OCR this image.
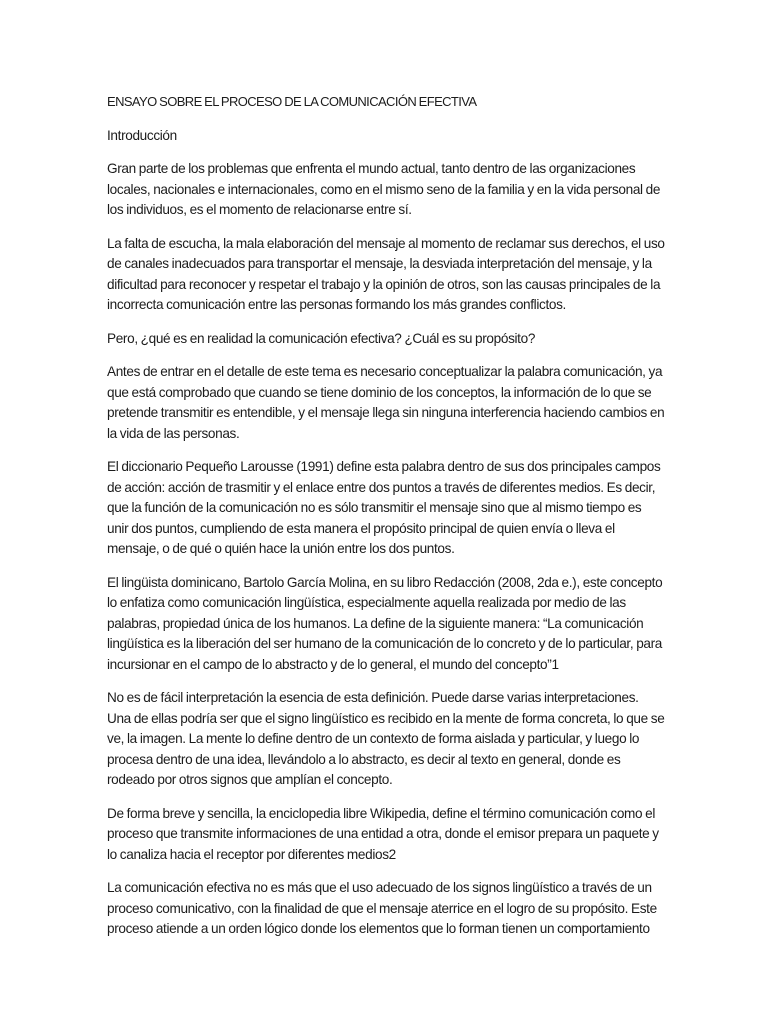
ENSAYO SOBRE EL PROCESO DE LA COMUNICACIÓN EFECTIVA
Introducción
Gran parte de los problemas que enfrenta el mundo actual, tanto dentro de las organizaciones locales, nacionales e internacionales, como en el mismo seno de la familia y en la vida personal de los individuos, es el momento de relacionarse entre sí.
La falta de escucha, la mala elaboración del mensaje al momento de reclamar sus derechos, el uso de canales inadecuados para transportar el mensaje, la desviada interpretación del mensaje, y la dificultad para reconocer y respetar el trabajo y la opinión de otros, son las causas principales de la incorrecta comunicación entre las personas formando los más grandes conflictos.
Pero, ¿qué es en realidad la comunicación efectiva? ¿Cuál es su propósito?
Antes de entrar en el detalle de este tema es necesario conceptualizar la palabra comunicación, ya que está comprobado que cuando se tiene dominio de los conceptos, la información de lo que se pretende transmitir es entendible, y el mensaje llega sin ninguna interferencia haciendo cambios en la vida de las personas.
El diccionario Pequeño Larousse (1991) define esta palabra dentro de sus dos principales campos de acción: acción de trasmitir y el enlace entre dos puntos a través de diferentes medios. Es decir, que la función de la comunicación no es sólo transmitir el mensaje sino que al mismo tiempo es unir dos puntos, cumpliendo de esta manera el propósito principal de quien envía o lleva el mensaje, o de qué o quién hace la unión entre los dos puntos.
El lingüista dominicano, Bartolo García Molina, en su libro Redacción (2008, 2da e.), este concepto lo enfatiza como comunicación lingüística, especialmente aquella realizada por medio de las palabras, propiedad única de los humanos. La define de la siguiente manera: “La comunicación lingüística es la liberación del ser humano de la comunicación de lo concreto y de lo particular, para incursionar en el campo de lo abstracto y de lo general, el mundo del concepto”1
No es de fácil interpretación la esencia de esta definición. Puede darse varias interpretaciones. Una de ellas podría ser que el signo lingüístico es recibido en la mente de forma concreta, lo que se ve, la imagen. La mente lo define dentro de un contexto de forma aislada y particular, y luego lo procesa dentro de una idea, llevándolo a lo abstracto, es decir al texto en general, donde es rodeado por otros signos que amplían el concepto.
De forma breve y sencilla, la enciclopedia libre Wikipedia, define el término comunicación como el proceso que transmite informaciones de una entidad a otra, donde el emisor prepara un paquete y lo canaliza hacia el receptor por diferentes medios2
La comunicación efectiva no es más que el uso adecuado de los signos lingüístico a través de un proceso comunicativo, con la finalidad de que el mensaje aterrice en el logro de su propósito. Este proceso atiende a un orden lógico donde los elementos que lo forman tienen un comportamiento
